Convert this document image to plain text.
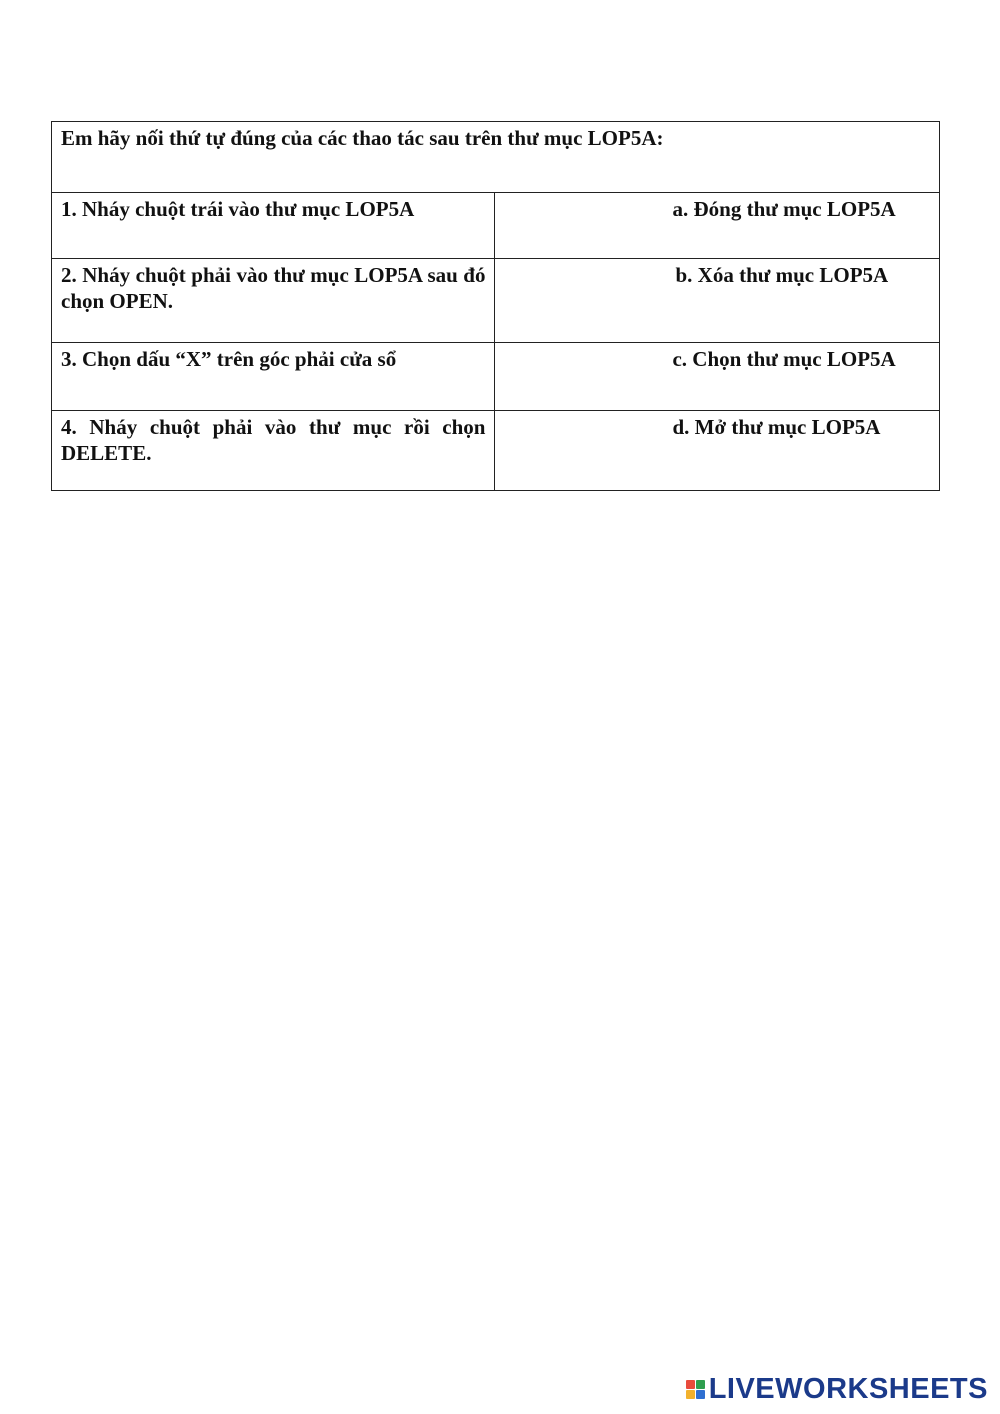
Em hãy nối thứ tự đúng của các thao tác sau trên thư mục LOP5A:	

1. Nháy chuột trái vào thư mục LOP5A	a. Đóng thư mục LOP5A

2. Nháy chuột phải vào thư mục LOP5A sau đó chọn OPEN.	b. Xóa thư mục LOP5A

3. Chọn dấu “X” trên góc phải cửa sổ	c. Chọn thư mục LOP5A

4. Nháy chuột phải vào thư mục rồi chọn DELETE.	d. Mở thư mục LOP5A
LIVEWORKSHEETS
